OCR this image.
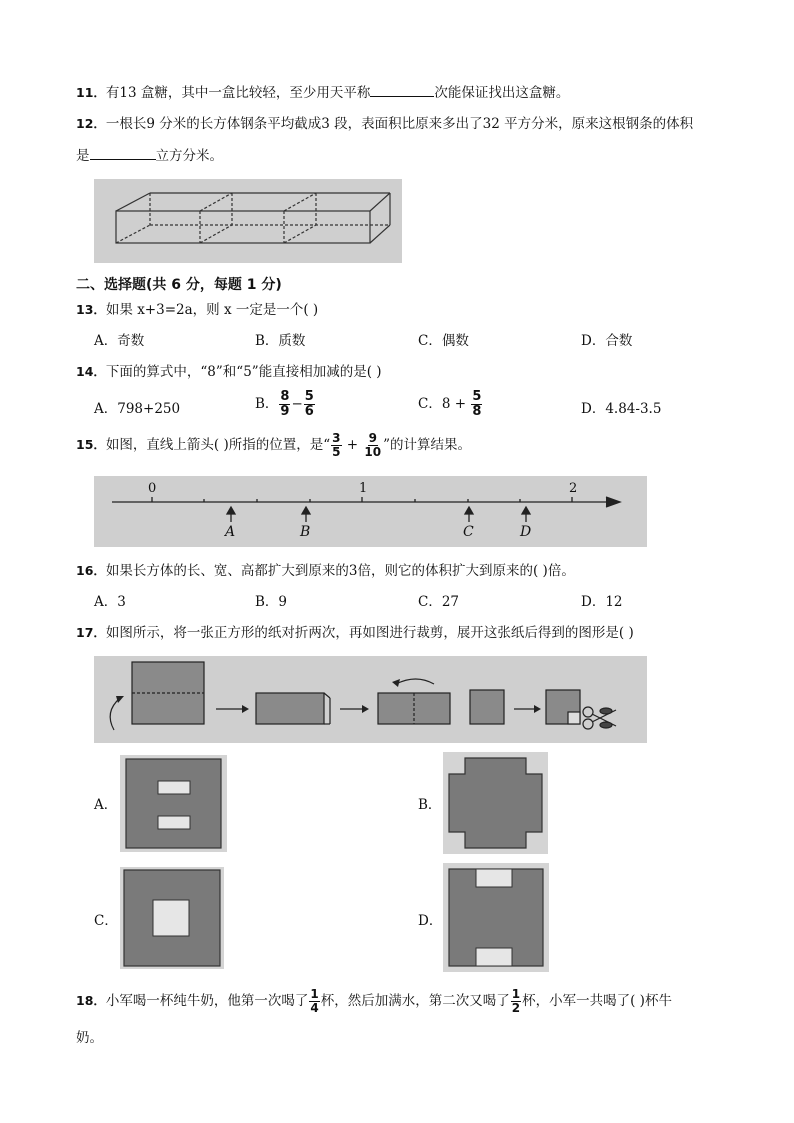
11．有13 盒糖，其中一盒比较轻，至少用天平称	次能保证找出这盒糖。
12．一根长9 分米的长方体钢条平均截成3 段，表面积比原来多出了32 平方分米，原来这根钢条的体积
是	立方分米。
二、选择题(共 6 分，每题 1 分)
13．如果 x+3=2a，则 x 一定是一个( )
A．奇数	B．质数	C．偶数	D．合数
14．下面的算式中，“8”和“5”能直接相加减的是( )
A．798+250	B． $\frac{8}{9} - \frac{5}{6}$	C．$8 + \frac{5}{8}$	D．4.84-3.5
15．如图，直线上箭头( )所指的位置，是“ $\frac{3}{5} + \frac{9}{10}$ ”的计算结果。
0	1	2
A	B	C	D
16．如果长方体的长、宽、高都扩大到原来的3倍，则它的体积扩大到原来的( )倍。
A．3	B．9	C．27	D．12
17．如图所示，将一张正方形的纸对折两次，再如图进行裁剪，展开这张纸后得到的图形是( )
A．	B．
C．	D．
18．小军喝一杯纯牛奶，他第一次喝了 $\frac{1}{4}$ 杯，然后加满水，第二次又喝了 $\frac{1}{2}$ 杯，小军一共喝了( )杯牛
奶。
